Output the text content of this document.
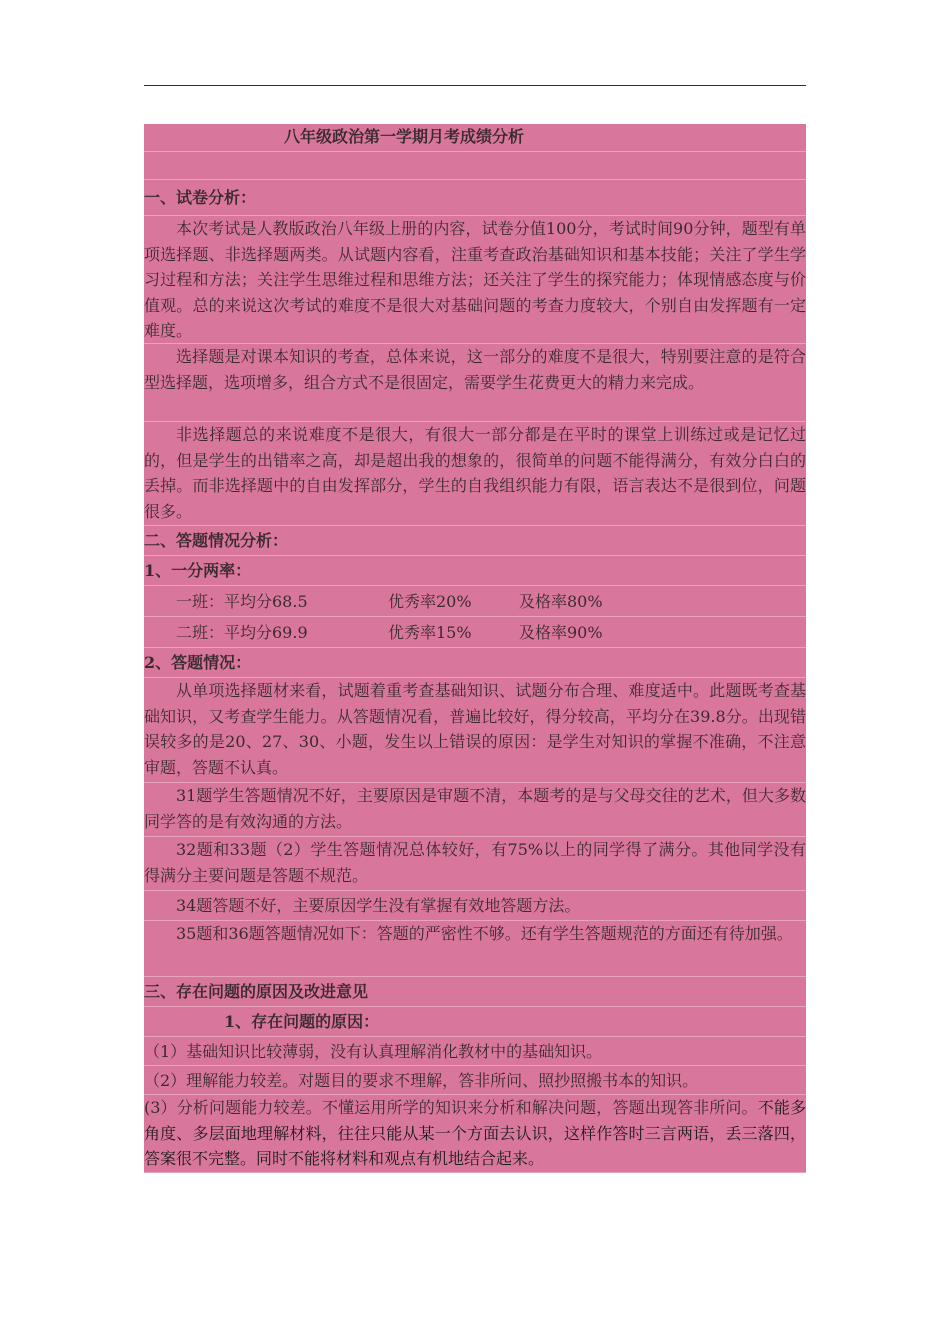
八年级政治第一学期月考成绩分析
一、试卷分析：
本次考试是人教版政治八年级上册的内容，试卷分值100分，考试时间90分钟，题型有单项选择题、非选择题两类。从试题内容看，注重考查政治基础知识和基本技能；关注了学生学习过程和方法；关注学生思维过程和思维方法；还关注了学生的探究能力；体现情感态度与价值观。总的来说这次考试的难度不是很大对基础问题的考查力度较大，个别自由发挥题有一定难度。
选择题是对课本知识的考查，总体来说，这一部分的难度不是很大，特别要注意的是符合型选择题，选项增多，组合方式不是很固定，需要学生花费更大的精力来完成。
非选择题总的来说难度不是很大，有很大一部分都是在平时的课堂上训练过或是记忆过的，但是学生的出错率之高，却是超出我的想象的，很简单的问题不能得满分，有效分白白的丢掉。而非选择题中的自由发挥部分，学生的自我组织能力有限，语言表达不是很到位，问题很多。
二、答题情况分析：
1、一分两率：
一班：平均分68.5	优秀率20%	及格率80%
二班：平均分69.9	优秀率15%	及格率90%
2、答题情况：
从单项选择题材来看，试题着重考查基础知识、试题分布合理、难度适中。此题既考查基础知识，又考查学生能力。从答题情况看，普遍比较好，得分较高，平均分在39.8分。出现错误较多的是20、27、30、小题，发生以上错误的原因：是学生对知识的掌握不准确，不注意审题，答题不认真。
31题学生答题情况不好，主要原因是审题不清，本题考的是与父母交往的艺术，但大多数同学答的是有效沟通的方法。
32题和33题（2）学生答题情况总体较好，有75%以上的同学得了满分。其他同学没有得满分主要问题是答题不规范。
34题答题不好，主要原因学生没有掌握有效地答题方法。
35题和36题答题情况如下：答题的严密性不够。还有学生答题规范的方面还有待加强。
三、存在问题的原因及改进意见
1、存在问题的原因：
（1）基础知识比较薄弱，没有认真理解消化教材中的基础知识。
（2）理解能力较差。对题目的要求不理解，答非所问、照抄照搬书本的知识。
(3）分析问题能力较差。不懂运用所学的知识来分析和解决问题，答题出现答非所问。不能多角度、多层面地理解材料，往往只能从某一个方面去认识，这样作答时三言两语，丢三落四，答案很不完整。同时不能将材料和观点有机地结合起来。
